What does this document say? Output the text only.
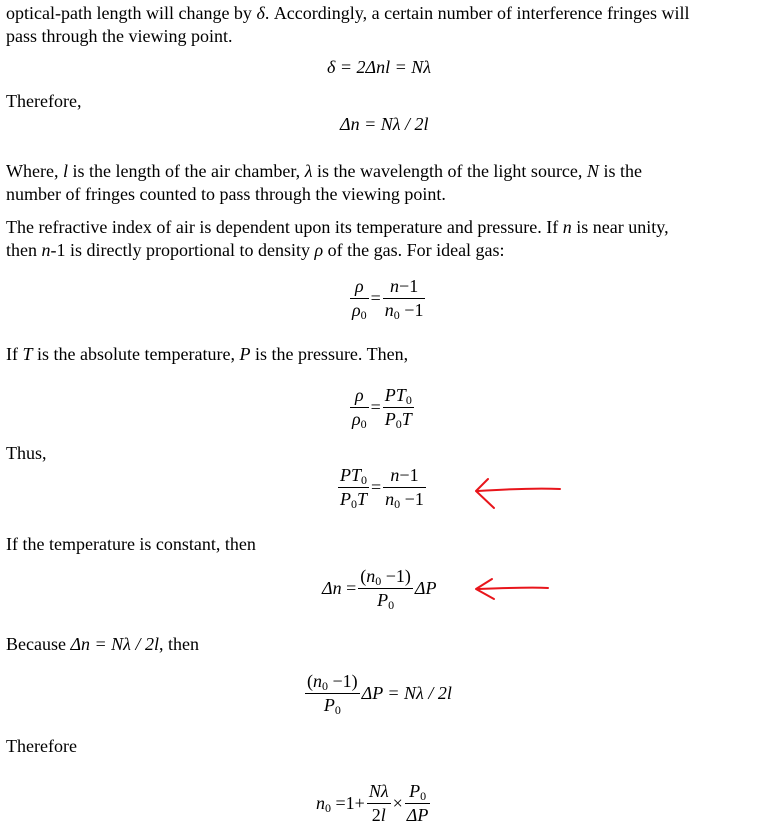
optical-path length will change by δ. Accordingly, a certain number of interference fringes will
pass through the viewing point.
δ = 2Δnl = Nλ
Therefore,
Δn = Nλ / 2l
Where, l is the length of the air chamber, λ is the wavelength of the light source, N is the
number of fringes counted to pass through the viewing point.
The refractive index of air is dependent upon its temperature and pressure. If n is near unity,
then n-1 is directly proportional to density ρ of the gas. For ideal gas:
$\frac{\rho}{\rho_0} = \frac{n-1}{n_0 -1}$
If T is the absolute temperature, P is the pressure. Then,
$\frac{\rho}{\rho_0} = \frac{PT_0}{P_0T}$
Thus,
$\frac{PT_0}{P_0T} = \frac{n-1}{n_0 -1}$
If the temperature is constant, then
$\Delta n = \frac{(n_0 -1)}{P_0}$ ΔP
Because Δn = Nλ / 2l, then
$\frac{(n_0 -1)}{P_0}$ ΔP = Nλ / 2l
Therefore
$n_0 =1+ \frac{N\lambda}{2l} \times \frac{P_0}{\Delta P}$
